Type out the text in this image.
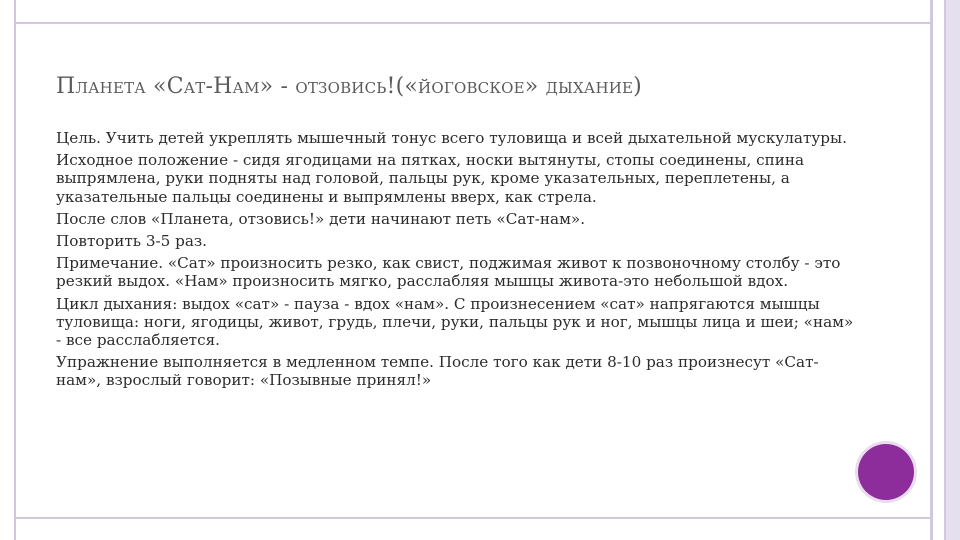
Планета «Сат-Нам» - отзовись!(«йоговское» дыхание)

Цель. Учить детей укреплять мышечный тонус всего туловища и всей дыхательной мускулатуры.

Исходное положение - сидя ягодицами на пятках, носки вытянуты, стопы соединены, спина выпрямлена, руки подняты над головой, пальцы рук, кроме указательных, переплетены, а указательные пальцы соединены и выпрямлены вверх, как стрела.

После слов «Планета, отзовись!» дети начинают петь «Сат-нам».

Повторить 3-5 раз.

Примечание. «Сат» произносить резко, как свист, поджимая живот к позвоночному столбу - это резкий выдох. «Нам» произносить мягко, расслабляя мышцы живота-это небольшой вдох.

Цикл дыхания: выдох «сат» - пауза - вдох «нам». С произнесением «сат» напрягаются мышцы туловища: ноги, ягодицы, живот, грудь, плечи, руки, пальцы рук и ног, мышцы лица и шеи; «нам» - все расслабляется.

Упражнение выполняется в медленном темпе. После того как дети 8-10 раз произнесут «Сат-нам», взрослый говорит: «Позывные принял!»
